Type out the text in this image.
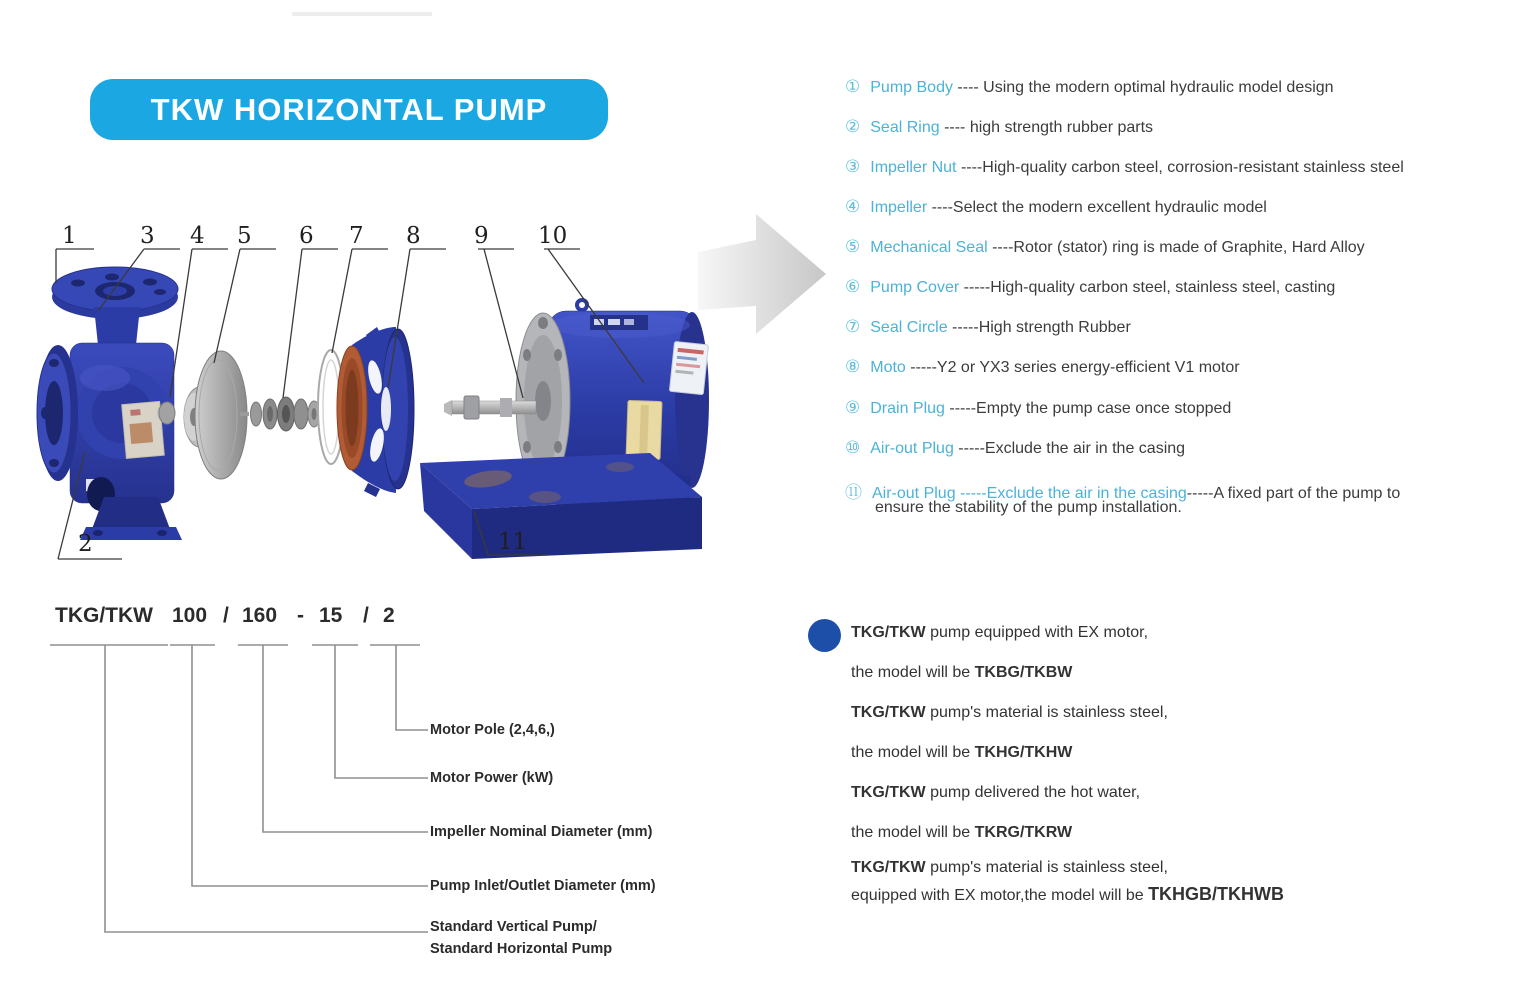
TKW HORIZONTAL PUMP
1	3 4 5 6 7 8 9 10
2	11
① Pump Body ---- Using the modern optimal hydraulic model design
② Seal Ring ---- high strength rubber parts
③ Impeller Nut ----High-quality carbon steel, corrosion-resistant stainless steel
④ Impeller ----Select the modern excellent hydraulic model
⑤ Mechanical Seal ----Rotor (stator) ring is made of Graphite, Hard Alloy
⑥ Pump Cover -----High-quality carbon steel, stainless steel, casting
⑦ Seal Circle -----High strength Rubber
⑧ Moto -----Y2 or YX3 series energy-efficient V1 motor
⑨ Drain Plug -----Empty the pump case once stopped
⑩ Air-out Plug -----Exclude the air in the casing
⑪ Air-out Plug -----Exclude the air in the casing-----A fixed part of the pump to
ensure the stability of the pump installation.
TKG/TKW 100 / 160 - 15 / 2
Motor Pole (2,4,6,)
Motor Power (kW)
Impeller Nominal Diameter (mm)
Pump Inlet/Outlet Diameter (mm)
Standard Vertical Pump/
Standard Horizontal Pump
TKG/TKW pump equipped with EX motor,
the model will be TKBG/TKBW
TKG/TKW pump's material is stainless steel,
the model will be TKHG/TKHW
TKG/TKW pump delivered the hot water,
the model will be TKRG/TKRW
TKG/TKW pump's material is stainless steel,
equipped with EX motor,the model will be TKHGB/TKHWB
